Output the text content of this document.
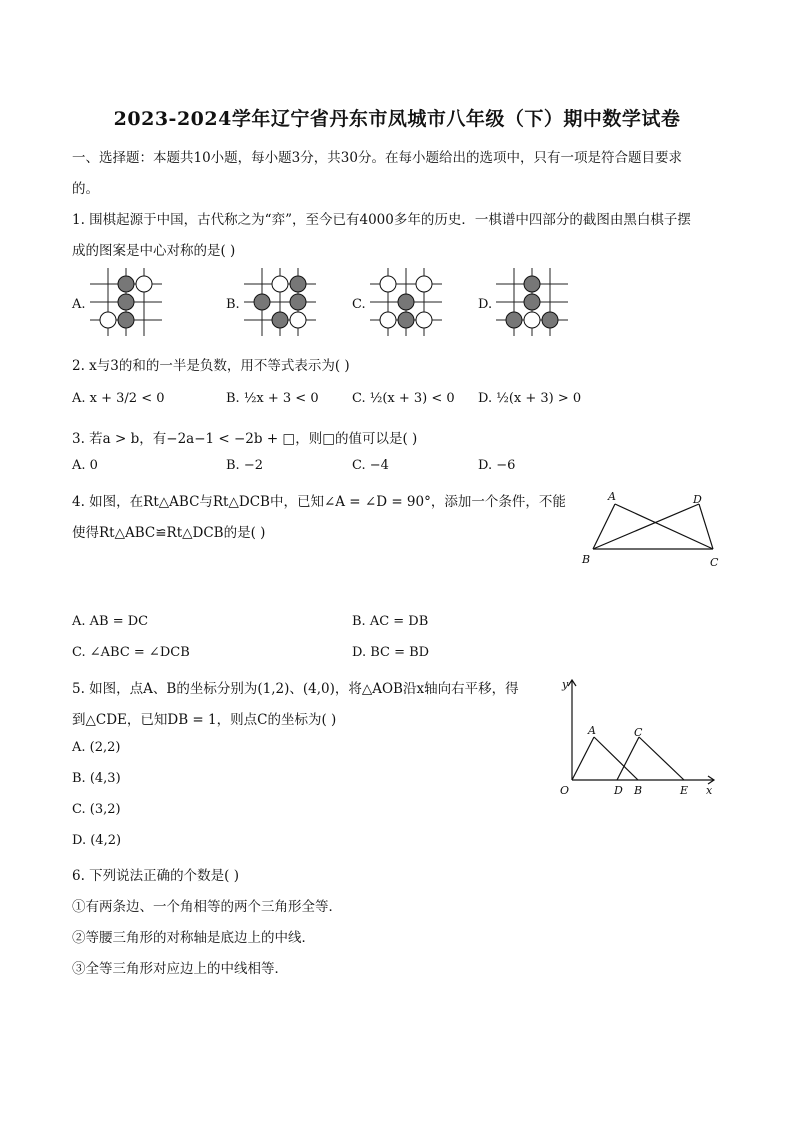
2023-2024学年辽宁省丹东市凤城市八年级（下）期中数学试卷
一、选择题：本题共10小题，每小题3分，共30分。在每小题给出的选项中，只有一项是符合题目要求
的。
1. 围棋起源于中国，古代称之为“弈”，至今已有4000多年的历史．一棋谱中四部分的截图由黑白棋子摆
成的图案是中心对称的是( )
A.	B.	C.	D.
2. x与3的和的一半是负数，用不等式表示为( )
A. x + 3/2 < 0	B. ½x + 3 < 0	C. ½(x + 3) < 0 D. ½(x + 3) > 0
3. 若a > b，有−2a−1 < −2b + □，则□的值可以是( )
A. 0	B. −2	C. −4	D. −6
4. 如图，在Rt△ABC与Rt△DCB中，已知∠A = ∠D = 90°，添加一个条件，不能
使得Rt△ABC≌Rt△DCB的是( )
A	D
B	C
A. AB = DC	B. AC = DB
C. ∠ABC = ∠DCB	D. BC = BD
5. 如图，点A、B的坐标分别为(1,2)、(4,0)，将△AOB沿x轴向右平移，得
到△CDE，已知DB = 1，则点C的坐标为( )
y
A	C
O	D B	E x
A. (2,2)
B. (4,3)
C. (3,2)
D. (4,2)
6. 下列说法正确的个数是( )
①有两条边、一个角相等的两个三角形全等．
②等腰三角形的对称轴是底边上的中线．
③全等三角形对应边上的中线相等．
